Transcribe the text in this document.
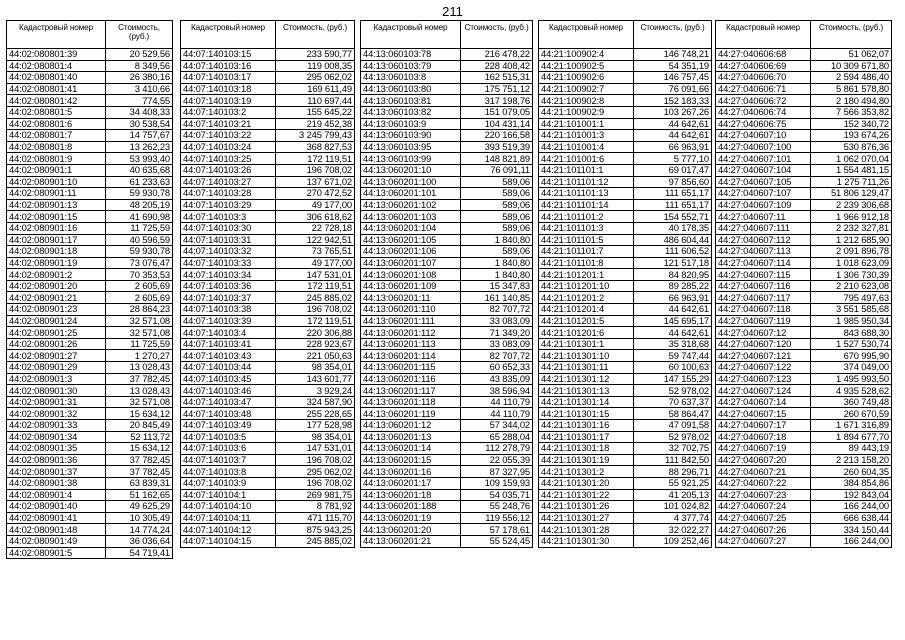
211
Кадастровый номер	Стоимость, (руб.)
44:02:080801:39	20 529,56
44:02:080801:4	8 349,56
44:02:080801:40	26 380,16
44:02:080801:41	3 410,66
44:02:080801:42	774,55
44:02:080801:5	34 408,33
44:02:080801:6	30 538,54
44:02:080801:7	14 757,67
44:02:080801:8	13 262,23
44:02:080801:9	53 993,40
44:02:080901:1	40 635,68
44:02:080901:10	61 233,63
44:02:080901:11	59 930,78
44:02:080901:13	48 205,19
44:02:080901:15	41 690,98
44:02:080901:16	11 725,59
44:02:080901:17	40 596,59
44:02:080901:18	59 930,78
44:02:080901:19	73 076,47
44:02:080901:2	70 353,53
44:02:080901:20	2 605,69
44:02:080901:21	2 605,69
44:02:080901:23	28 864,23
44:02:080901:24	32 571,08
44:02:080901:25	32 571,08
44:02:080901:26	11 725,59
44:02:080901:27	1 270,27
44:02:080901:29	13 028,43
44:02:080901:3	37 782,45
44:02:080901:30	13 028,43
44:02:080901:31	32 571,08
44:02:080901:32	15 634,12
44:02:080901:33	20 845,49
44:02:080901:34	52 113,72
44:02:080901:35	15 634,12
44:02:080901:36	37 782,45
44:02:080901:37	37 782,45
44:02:080901:38	63 839,31
44:02:080901:4	51 162,65
44:02:080901:40	49 625,29
44:02:080901:41	10 305,49
44:02:080901:48	14 774,24
44:02:080901:49	36 036,64
44:02:080901:5	54 719,41
Кадастровый номер	Стоимость, (руб.)
44:07:140103:15	233 590,77
44:07:140103:16	119 008,35
44:07:140103:17	295 062,02
44:07:140103:18	169 611,49
44:07:140103:19	110 697,44
44:07:140103:2	155 645,22
44:07:140103:21	219 452,38
44:07:140103:22	3 245 799,43
44:07:140103:24	368 827,53
44:07:140103:25	172 119,51
44:07:140103:26	196 708,02
44:07:140103:27	137 671,02
44:07:140103:28	270 472,52
44:07:140103:29	49 177,00
44:07:140103:3	306 618,62
44:07:140103:30	22 728,18
44:07:140103:31	122 942,51
44:07:140103:32	73 765,51
44:07:140103:33	49 177,00
44:07:140103:34	147 531,01
44:07:140103:36	172 119,51
44:07:140103:37	245 885,02
44:07:140103:38	196 708,02
44:07:140103:39	172 119,51
44:07:140103:4	220 306,88
44:07:140103:41	228 923,67
44:07:140103:43	221 050,63
44:07:140103:44	98 354,01
44:07:140103:45	143 601,77
44:07:140103:46	3 929,24
44:07:140103:47	324 587,90
44:07:140103:48	255 228,65
44:07:140103:49	177 528,98
44:07:140103:5	98 354,01
44:07:140103:6	147 531,01
44:07:140103:7	196 708,02
44:07:140103:8	295 062,02
44:07:140103:9	196 708,02
44:07:140104:1	269 981,75
44:07:140104:10	8 781,92
44:07:140104:11	471 115,70
44:07:140104:12	875 943,25
44:07:140104:15	245 885,02
Кадастровый номер	Стоимость, (руб.)
44:13:060103:78	216 478,22
44:13:060103:79	228 408,42
44:13:060103:8	162 515,31
44:13:060103:80	175 751,12
44:13:060103:81	317 198,76
44:13:060103:82	151 079,05
44:13:060103:9	104 431,14
44:13:060103:90	220 166,58
44:13:060103:95	393 519,39
44:13:060103:99	148 821,89
44:13:060201:10	76 091,11
44:13:060201:100	589,06
44:13:060201:101	589,06
44:13:060201:102	589,06
44:13:060201:103	589,06
44:13:060201:104	589,06
44:13:060201:105	1 840,80
44:13:060201:106	589,06
44:13:060201:107	1 840,80
44:13:060201:108	1 840,80
44:13:060201:109	15 347,83
44:13:060201:11	161 140,85
44:13:060201:110	82 707,72
44:13:060201:111	33 083,09
44:13:060201:112	71 349,20
44:13:060201:113	33 083,09
44:13:060201:114	82 707,72
44:13:060201:115	60 652,33
44:13:060201:116	43 835,09
44:13:060201:117	38 596,94
44:13:060201:118	44 110,79
44:13:060201:119	44 110,79
44:13:060201:12	57 344,02
44:13:060201:13	65 288,04
44:13:060201:14	112 278,79
44:13:060201:15	22 055,39
44:13:060201:16	87 327,95
44:13:060201:17	109 159,93
44:13:060201:18	54 035,71
44:13:060201:188	55 248,76
44:13:060201:19	119 556,12
44:13:060201:20	57 178,61
44:13:060201:21	55 524,45
Кадастровый номер	Стоимость, (руб.)
44:21:100902:4	146 748,21
44:21:100902:5	54 351,19
44:21:100902:6	146 757,45
44:21:100902:7	76 091,66
44:21:100902:8	152 183,33
44:21:100902:9	103 267,26
44:21:101001:1	44 642,61
44:21:101001:3	44 642,61
44:21:101001:4	66 963,91
44:21:101001:6	5 777,10
44:21:101101:1	69 017,47
44:21:101101:12	97 856,60
44:21:101101:13	111 651,17
44:21:101101:14	111 651,17
44:21:101101:2	154 552,71
44:21:101101:3	40 178,35
44:21:101101:5	486 604,44
44:21:101101:7	111 606,52
44:21:101101:8	121 517,18
44:21:101201:1	84 820,95
44:21:101201:10	89 285,22
44:21:101201:2	66 963,91
44:21:101201:4	44 642,61
44:21:101201:5	145 695,17
44:21:101201:6	44 642,61
44:21:101301:1	35 318,68
44:21:101301:10	59 747,44
44:21:101301:11	60 100,63
44:21:101301:12	147 155,29
44:21:101301:13	52 978,02
44:21:101301:14	70 637,37
44:21:101301:15	58 864,47
44:21:101301:16	47 091,58
44:21:101301:17	52 978,02
44:21:101301:18	32 702,75
44:21:101301:19	111 842,50
44:21:101301:2	88 296,71
44:21:101301:20	55 921,25
44:21:101301:22	41 205,13
44:21:101301:26	101 024,82
44:21:101301:27	4 377,74
44:21:101301:28	32 022,27
44:21:101301:30	109 252,46
Кадастровый номер	Стоимость, (руб.)
44:27:040606:68	51 062,07
44:27:040606:69	10 309 671,80
44:27:040606:70	2 594 486,40
44:27:040606:71	5 861 578,80
44:27:040606:72	2 180 494,80
44:27:040606:74	7 566 353,82
44:27:040606:75	152 340,72
44:27:040607:10	193 674,26
44:27:040607:100	530 876,36
44:27:040607:101	1 062 070,04
44:27:040607:104	1 554 481,15
44:27:040607:105	1 275 711,26
44:27:040607:107	51 806 129,47
44:27:040607:109	2 239 306,68
44:27:040607:11	1 966 912,18
44:27:040607:111	2 232 327,81
44:27:040607:112	1 212 685,90
44:27:040607:113	2 091 896,78
44:27:040607:114	1 018 623,09
44:27:040607:115	1 306 730,39
44:27:040607:116	2 210 623,08
44:27:040607:117	795 497,63
44:27:040607:118	3 551 585,68
44:27:040607:119	1 985 950,34
44:27:040607:12	843 688,30
44:27:040607:120	1 527 530,74
44:27:040607:121	670 995,90
44:27:040607:122	374 049,00
44:27:040607:123	1 495 993,50
44:27:040607:124	4 935 528,62
44:27:040607:14	360 749,48
44:27:040607:15	260 670,59
44:27:040607:17	1 671 316,89
44:27:040607:18	1 894 677,70
44:27:040607:19	89 443,19
44:27:040607:20	2 213 158,20
44:27:040607:21	260 604,35
44:27:040607:22	384 854,86
44:27:040607:23	192 843,04
44:27:040607:24	166 244,00
44:27:040607:25	666 638,44
44:27:040607:26	334 150,44
44:27:040607:27	166 244,00
